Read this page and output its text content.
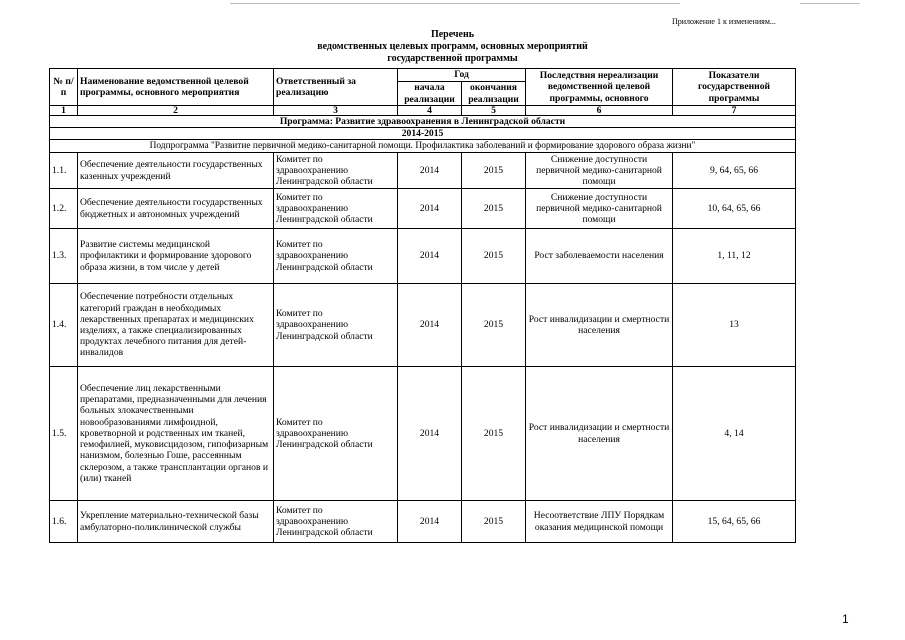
Приложение 1 к изменениям...
Перечень
ведомственных целевых программ, основных мероприятий
государственной программы
№ п/п	Наименование ведомственной целевой программы, основного мероприятия	Ответственный за реализацию	Год		Последствия нереализации ведомственной целевой программы, основного	Показатели государственной программы
			начала реализации	окончания реализации		
1	2	3	4	5	6	7
Программа: Развитие здравоохранения в Ленинградской области						
2014-2015						
Подпрограмма "Развитие первичной медико-санитарной помощи. Профилактика заболеваний и формирование здорового образа жизни"						
1.1.	Обеспечение деятельности государственных казенных учреждений	Комитет по здравоохранению Ленинградской области	2014	2015	Снижение доступности первичной медико-санитарной помощи	9, 64, 65, 66
1.2.	Обеспечение деятельности государственных бюджетных и автономных учреждений	Комитет по здравоохранению Ленинградской области	2014	2015	Снижение доступности первичной медико-санитарной помощи	10, 64, 65, 66
1.3.	Развитие системы медицинской профилактики и формирование здорового образа жизни, в том числе у детей	Комитет по здравоохранению Ленинградской области	2014	2015	Рост заболеваемости населения	1, 11, 12
1.4.	Обеспечение потребности отдельных категорий граждан в необходимых лекарственных препаратах и медицинских изделиях, а также специализированных продуктах лечебного питания для детей-инвалидов	Комитет по здравоохранению Ленинградской области	2014	2015	Рост инвалидизации и смертности населения	13
1.5.	Обеспечение лиц лекарственными препаратами, предназначенными для лечения больных злокачественными новообразованиями лимфоидной, кроветворной и родственных им тканей, гемофилией, муковисцидозом, гипофизарным нанизмом, болезнью Гоше, рассеянным склерозом, а также трансплантации органов и (или) тканей	Комитет по здравоохранению Ленинградской области	2014	2015	Рост инвалидизации и смертности населения	4, 14
1.6.	Укрепление материально-технической базы амбулаторно-поликлинической службы	Комитет по здравоохранению Ленинградской области	2014	2015	Несоответствие ЛПУ Порядкам оказания медицинской помощи	15, 64, 65, 66
1
